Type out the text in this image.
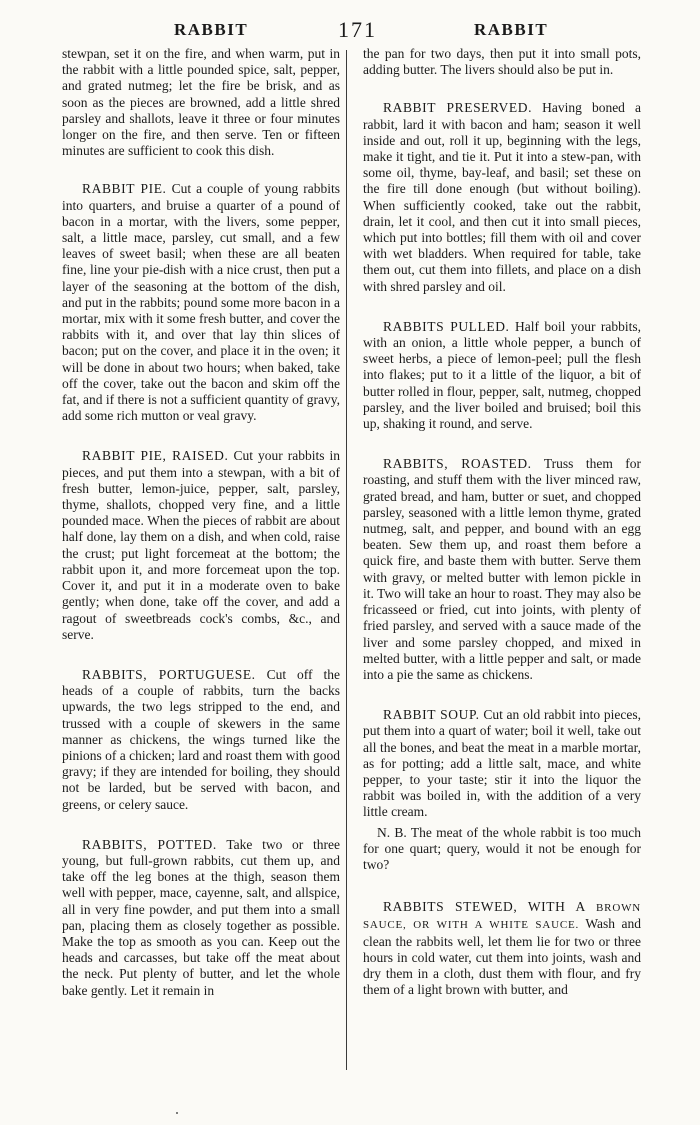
RABBIT	171	RABBIT

stewpan, set it on the fire, and when warm, put in the rabbit with a little pounded spice, salt, pepper, and grated nutmeg; let the fire be brisk, and as soon as the pieces are browned, add a little shred parsley and shallots, leave it three or four minutes longer on the fire, and then serve. Ten or fifteen minutes are sufficient to cook this dish.

RABBIT PIE. Cut a couple of young rabbits into quarters, and bruise a quarter of a pound of bacon in a mortar, with the livers, some pepper, salt, a little mace, parsley, cut small, and a few leaves of sweet basil; when these are all beaten fine, line your pie-dish with a nice crust, then put a layer of the seasoning at the bottom of the dish, and put in the rabbits; pound some more bacon in a mortar, mix with it some fresh butter, and cover the rabbits with it, and over that lay thin slices of bacon; put on the cover, and place it in the oven; it will be done in about two hours; when baked, take off the cover, take out the bacon and skim off the fat, and if there is not a sufficient quantity of gravy, add some rich mutton or veal gravy.

RABBIT PIE, RAISED. Cut your rabbits in pieces, and put them into a stewpan, with a bit of fresh butter, lemon-juice, pepper, salt, parsley, thyme, shallots, chopped very fine, and a little pounded mace. When the pieces of rabbit are about half done, lay them on a dish, and when cold, raise the crust; put light forcemeat at the bottom; the rabbit upon it, and more forcemeat upon the top. Cover it, and put it in a moderate oven to bake gently; when done, take off the cover, and add a ragout of sweetbreads cock's combs, &c., and serve.

RABBITS, PORTUGUESE. Cut off the heads of a couple of rabbits, turn the backs upwards, the two legs stripped to the end, and trussed with a couple of skewers in the same manner as chickens, the wings turned like the pinions of a chicken; lard and roast them with good gravy; if they are intended for boiling, they should not be larded, but be served with bacon, and greens, or celery sauce.

RABBITS, POTTED. Take two or three young, but full-grown rabbits, cut them up, and take off the leg bones at the thigh, season them well with pepper, mace, cayenne, salt, and allspice, all in very fine powder, and put them into a small pan, placing them as closely together as possible. Make the top as smooth as you can. Keep out the heads and carcasses, but take off the meat about the neck. Put plenty of butter, and let the whole bake gently. Let it remain in

the pan for two days, then put it into small pots, adding butter. The livers should also be put in.

RABBIT PRESERVED. Having boned a rabbit, lard it with bacon and ham; season it well inside and out, roll it up, beginning with the legs, make it tight, and tie it. Put it into a stew-pan, with some oil, thyme, bay-leaf, and basil; set these on the fire till done enough (but without boiling). When sufficiently cooked, take out the rabbit, drain, let it cool, and then cut it into small pieces, which put into bottles; fill them with oil and cover with wet bladders. When required for table, take them out, cut them into fillets, and place on a dish with shred parsley and oil.

RABBITS PULLED. Half boil your rabbits, with an onion, a little whole pepper, a bunch of sweet herbs, a piece of lemon-peel; pull the flesh into flakes; put to it a little of the liquor, a bit of butter rolled in flour, pepper, salt, nutmeg, chopped parsley, and the liver boiled and bruised; boil this up, shaking it round, and serve.

RABBITS, ROASTED. Truss them for roasting, and stuff them with the liver minced raw, grated bread, and ham, butter or suet, and chopped parsley, seasoned with a little lemon thyme, grated nutmeg, salt, and pepper, and bound with an egg beaten. Sew them up, and roast them before a quick fire, and baste them with butter. Serve them with gravy, or melted butter with lemon pickle in it. Two will take an hour to roast. They may also be fricasseed or fried, cut into joints, with plenty of fried parsley, and served with a sauce made of the liver and some parsley chopped, and mixed in melted butter, with a little pepper and salt, or made into a pie the same as chickens.

RABBIT SOUP. Cut an old rabbit into pieces, put them into a quart of water; boil it well, take out all the bones, and beat the meat in a marble mortar, as for potting; add a little salt, mace, and white pepper, to your taste; stir it into the liquor the rabbit was boiled in, with the addition of a very little cream.

N. B. The meat of the whole rabbit is too much for one quart; query, would it not be enough for two?

RABBITS STEWED, WITH A BROWN SAUCE, OR WITH A WHITE SAUCE. Wash and clean the rabbits well, let them lie for two or three hours in cold water, cut them into joints, wash and dry them in a cloth, dust them with flour, and fry them of a light brown with butter, and
